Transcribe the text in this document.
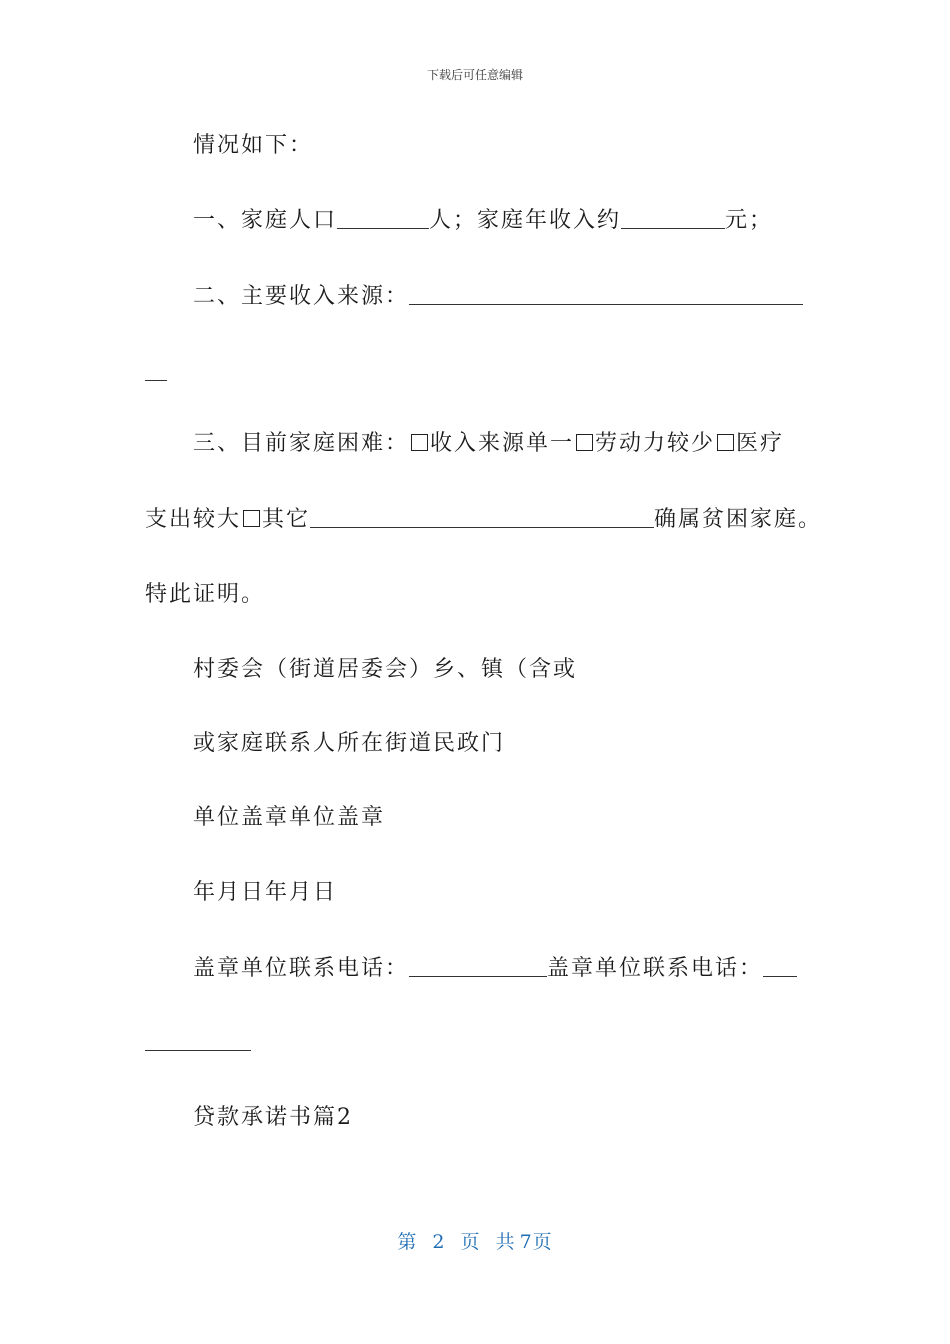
下载后可任意编辑
情况如下：
一、家庭人口	人；家庭年收入约	元；
二、主要收入来源：
三、目前家庭困难： 收入来源单一 劳动力较少 医疗
支出较大 其它	确属贫困家庭。
特此证明。
村委会（街道居委会）乡、镇（含或
或家庭联系人所在街道民政门
单位盖章单位盖章
年月日年月日
盖章单位联系电话：	盖章单位联系电话：
贷款承诺书篇2
第 2 页 共 7页
